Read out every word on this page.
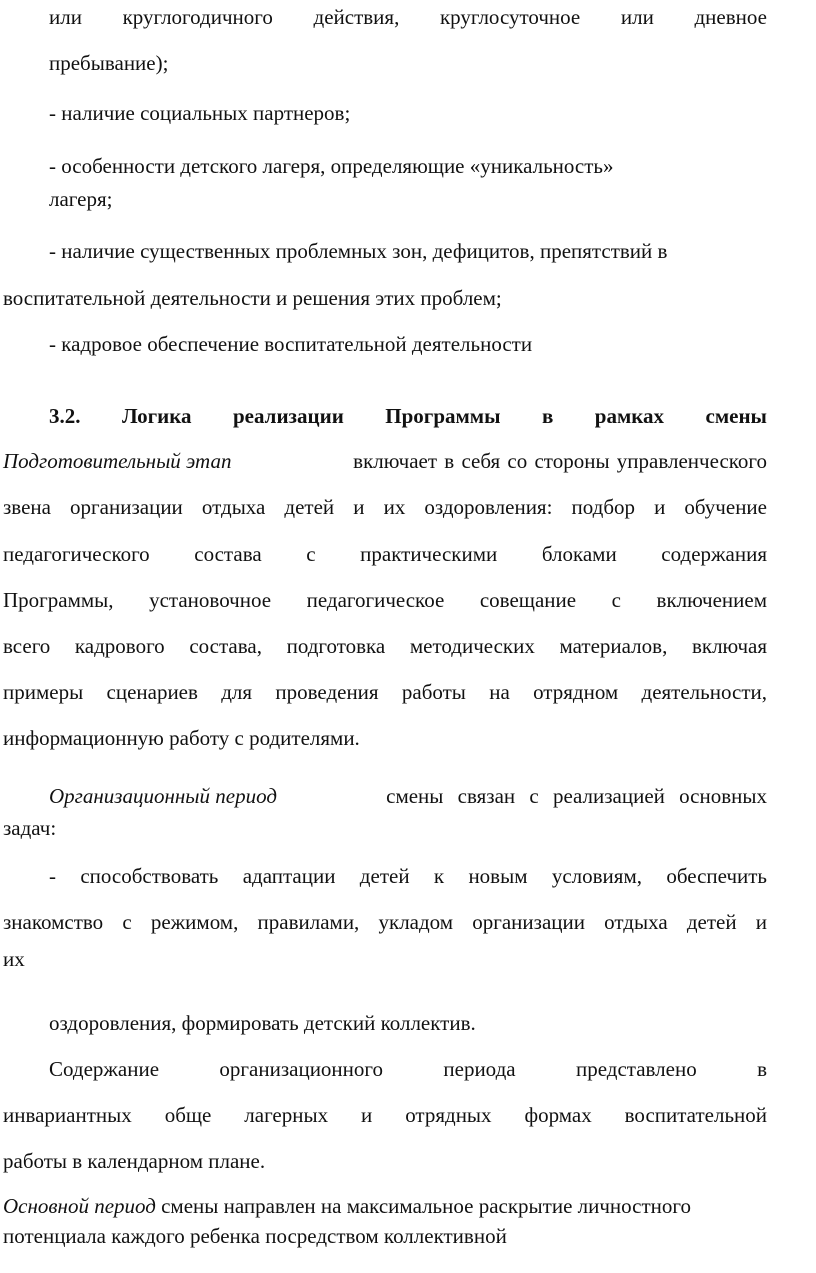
или круглогодичного действия, круглосуточное или дневное
пребывание);
- наличие социальных партнеров;
- особенности детского лагеря, определяющие «уникальность»
лагеря;
- наличие существенных проблемных зон, дефицитов, препятствий в
воспитательной деятельности и решения этих проблем;
- кадровое обеспечение воспитательной деятельности
3.2. Логика реализации Программы в рамках смены
Подготовительный этап	включает в себя со стороны управленческого
звена организации отдыха детей и их оздоровления: подбор и обучение
педагогического состава с практическими блоками содержания
Программы, установочное педагогическое совещание с включением
всего кадрового состава, подготовка методических материалов, включая
примеры сценариев для проведения работы на отрядном деятельности,
информационную работу с родителями.
Организационный период	смены связан с реализацией основных
задач:
- способствовать адаптации детей к новым условиям, обеспечить
знакомство с режимом, правилами, укладом организации отдыха детей и
их
оздоровления, формировать детский коллектив.
Содержание организационного периода представлено в
инвариантных обще лагерных и отрядных формах воспитательной
работы в календарном плане.
Основной период смены направлен на максимальное раскрытие личностного
потенциала каждого ребенка посредством коллективной
